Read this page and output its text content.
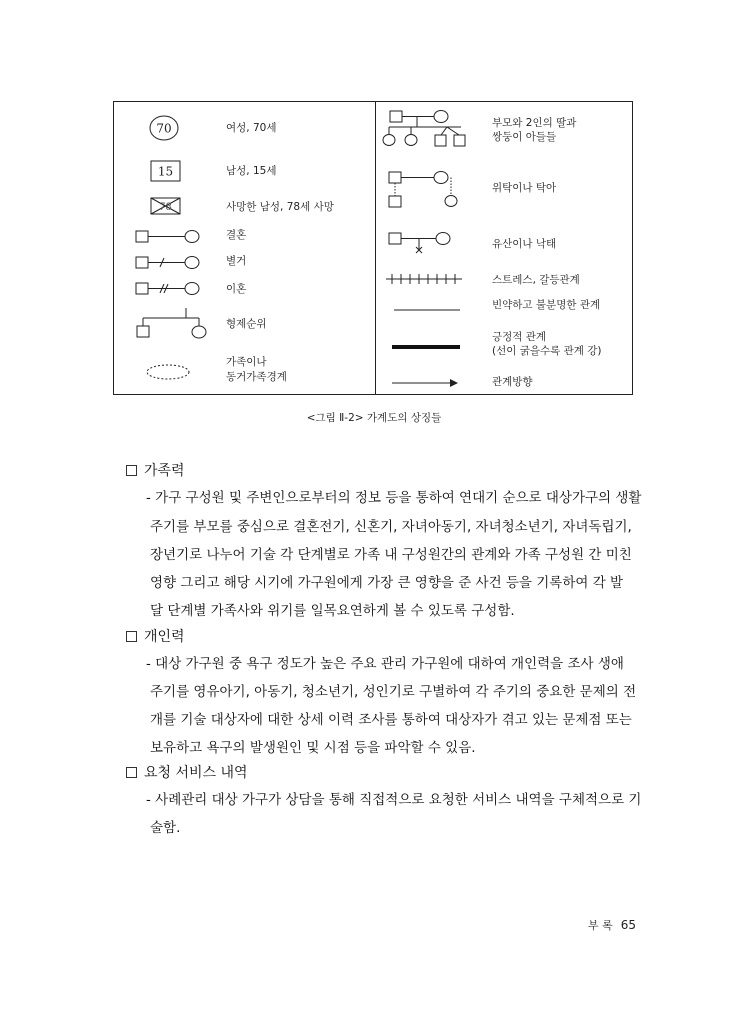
70	여성, 70세
15	남성, 15세
78	사망한 남성, 78세 사망
결혼
별거
이혼
형제순위
가족이나
동거가족경계
부모와 2인의 딸과
쌍둥이 아들들
위탁이나 탁아
유산이나 낙태
스트레스, 갈등관계
빈약하고 불분명한 관계
긍정적 관계
(선이 굵을수록 관계 강)
관계방향
<그림 Ⅱ-2> 가계도의 상징들
가족력
- 가구 구성원 및 주변인으로부터의 정보 등을 통하여 연대기 순으로 대상가구의 생활
주기를 부모를 중심으로 결혼전기, 신혼기, 자녀아동기, 자녀청소년기, 자녀독립기,
장년기로 나누어 기술 각 단계별로 가족 내 구성원간의 관계와 가족 구성원 간 미친
영향 그리고 해당 시기에 가구원에게 가장 큰 영향을 준 사건 등을 기록하여 각 발
달 단계별 가족사와 위기를 일목요연하게 볼 수 있도록 구성함.
개인력
- 대상 가구원 중 욕구 정도가 높은 주요 관리 가구원에 대하여 개인력을 조사 생애
주기를 영유아기, 아동기, 청소년기, 성인기로 구별하여 각 주기의 중요한 문제의 전
개를 기술 대상자에 대한 상세 이력 조사를 통하여 대상자가 겪고 있는 문제점 또는
보유하고 욕구의 발생원인 및 시점 등을 파악할 수 있음.
요청 서비스 내역
- 사례관리 대상 가구가 상담을 통해 직접적으로 요청한 서비스 내역을 구체적으로 기
술함.
부 록 65
